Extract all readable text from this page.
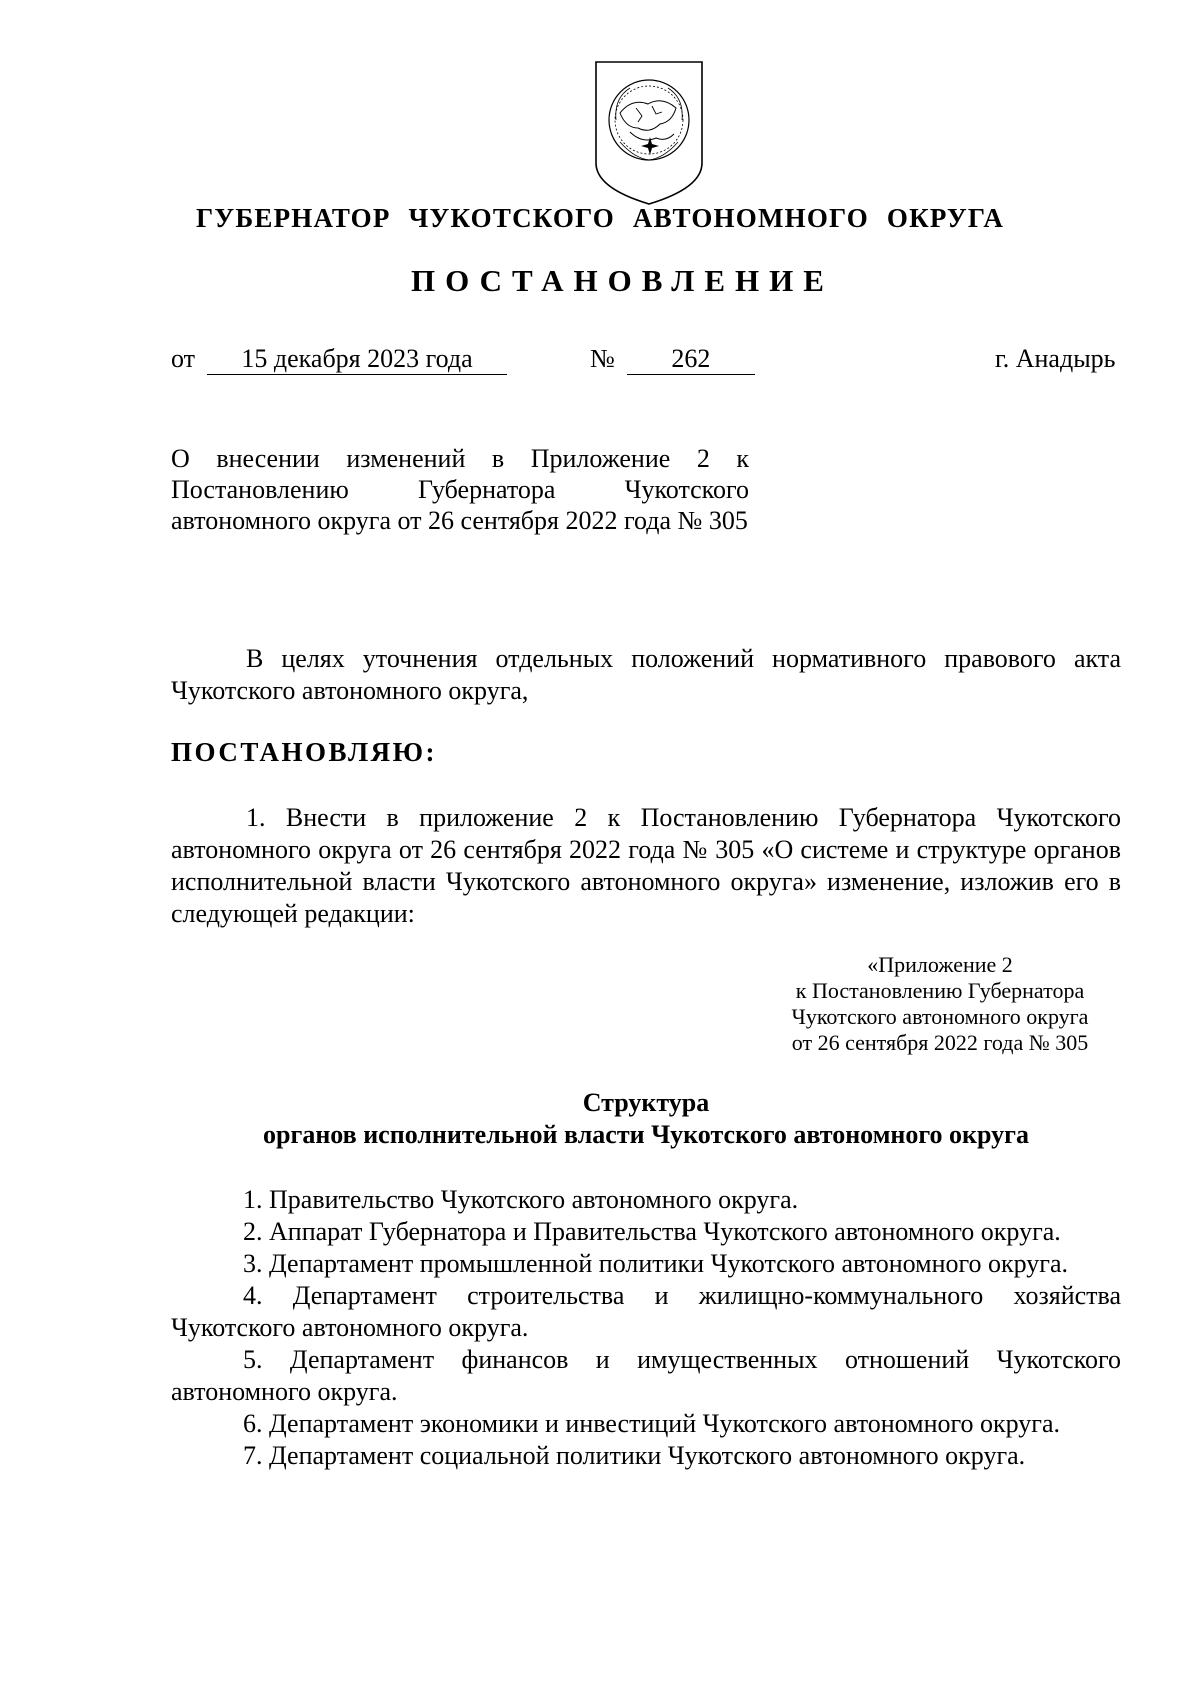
ГУБЕРНАТОР ЧУКОТСКОГО АВТОНОМНОГО ОКРУГА
ПОСТАНОВЛЕНИЕ
от 15 декабря 2023 года	№ 262	г. Анадырь
О внесении изменений в Приложение 2 к Постановлению Губернатора Чукотского автономного округа от 26 сентября 2022 года № 305
В целях уточнения отдельных положений нормативного правового акта Чукотского автономного округа,
ПОСТАНОВЛЯЮ:
1. Внести в приложение 2 к Постановлению Губернатора Чукотского автономного округа от 26 сентября 2022 года № 305 «О системе и структуре органов исполнительной власти Чукотского автономного округа» изменение, изложив его в следующей редакции:
«Приложение 2
к Постановлению Губернатора
Чукотского автономного округа
от 26 сентября 2022 года № 305
Структура
органов исполнительной власти Чукотского автономного округа
1. Правительство Чукотского автономного округа.
2. Аппарат Губернатора и Правительства Чукотского автономного округа.
3. Департамент промышленной политики Чукотского автономного округа.
4. Департамент строительства и жилищно-коммунального хозяйства Чукотского автономного округа.
5. Департамент финансов и имущественных отношений Чукотского автономного округа.
6. Департамент экономики и инвестиций Чукотского автономного округа.
7. Департамент социальной политики Чукотского автономного округа.
